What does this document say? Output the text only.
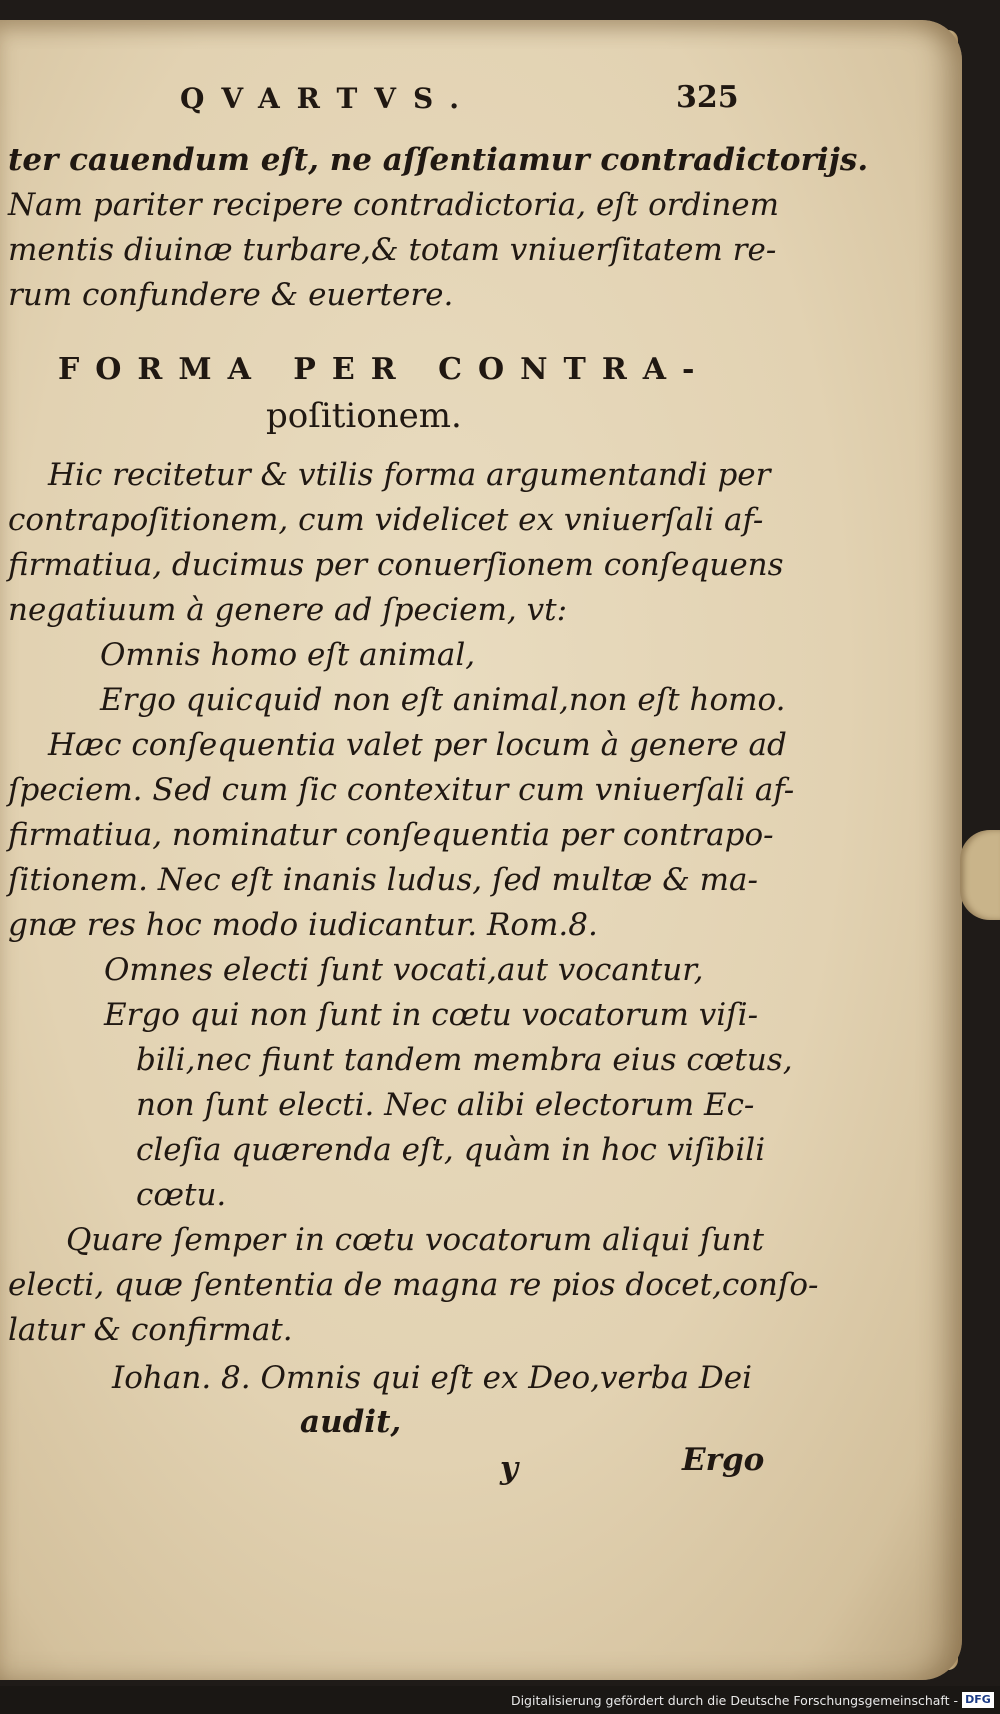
QVARTVS.	325
ter cauendum eſt, ne aſſentiamur contradictorijs.
Nam pariter recipere contradictoria, eſt ordinem
mentis diuinæ turbare,& totam vniuerſitatem re-
rum confundere & euertere.
FORMA PER CONTRA-
poſitionem.
Hic recitetur & vtilis forma argumentandi per
contrapoſitionem, cum videlicet ex vniuerſali af-
firmatiua, ducimus per conuerſionem conſequens
negatiuum à genere ad ſpeciem, vt:
Omnis homo eſt animal,
Ergo quicquid non eſt animal,non eſt homo.
Hæc conſequentia valet per locum à genere ad
ſpeciem. Sed cum ſic contexitur cum vniuerſali af-
firmatiua, nominatur conſequentia per contrapo-
ſitionem. Nec eſt inanis ludus, ſed multæ & ma-
gnæ res hoc modo iudicantur. Rom.8.
Omnes electi ſunt vocati,aut vocantur,
Ergo qui non ſunt in cœtu vocatorum viſi-
bili,nec fiunt tandem membra eius cœtus,
non ſunt electi. Nec alibi electorum Ec-
cleſia quærenda eſt, quàm in hoc viſibili
cœtu.
Quare ſemper in cœtu vocatorum aliqui ſunt
electi, quæ ſententia de magna re pios docet,conſo-
latur & confirmat.
Iohan. 8. Omnis qui eſt ex Deo,verba Dei
audit,
y	Ergo
Digitalisierung gefördert durch die Deutsche Forschungsgemeinschaft - DFG
